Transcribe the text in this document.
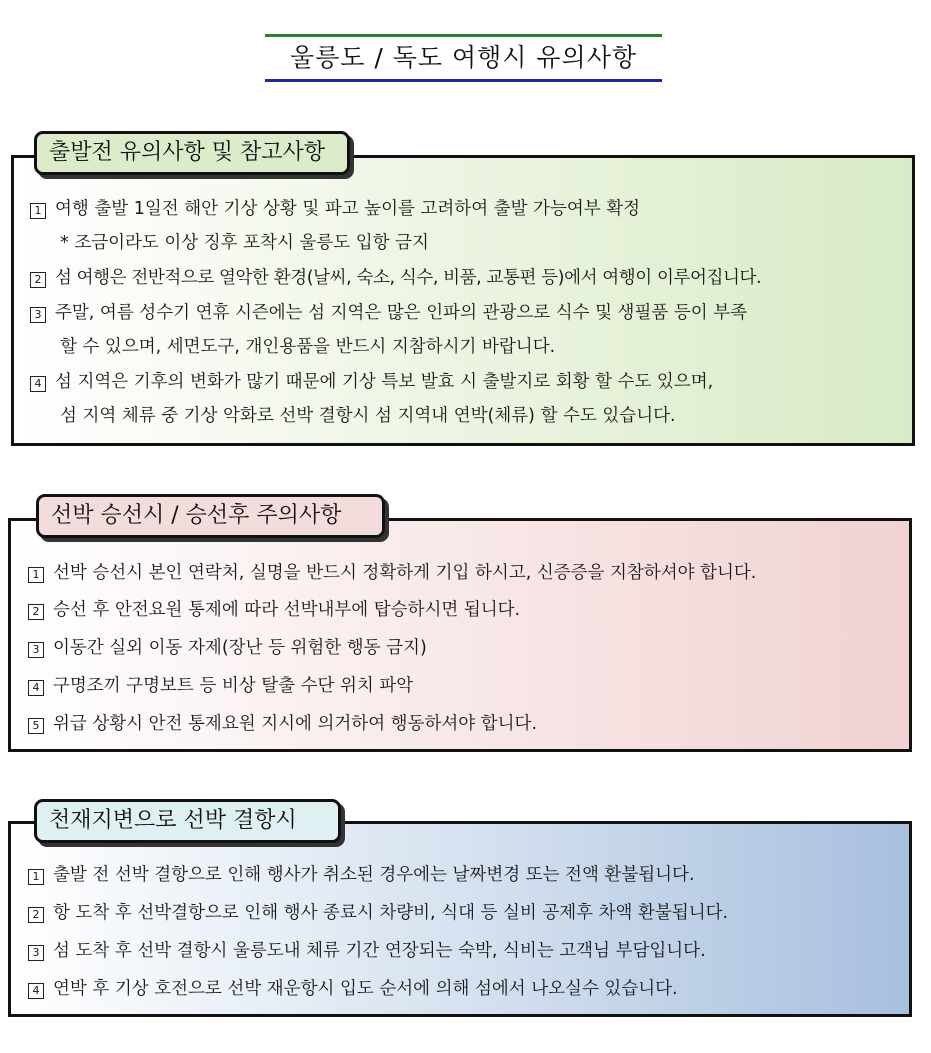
울릉도 / 독도 여행시 유의사항
출발전 유의사항 및 참고사항
1 여행 출발 1일전 해안 기상 상황 및 파고 높이를 고려하여 출발 가능여부 확정
* 조금이라도 이상 징후 포착시 울릉도 입항 금지
2 섬 여행은 전반적으로 열악한 환경(날씨, 숙소, 식수, 비품, 교통편 등)에서 여행이 이루어집니다.
3 주말, 여름 성수기 연휴 시즌에는 섬 지역은 많은 인파의 관광으로 식수 및 생필품 등이 부족
할 수 있으며, 세면도구, 개인용품을 반드시 지참하시기 바랍니다.
4 섬 지역은 기후의 변화가 많기 때문에 기상 특보 발효 시 출발지로 회황 할 수도 있으며,
섬 지역 체류 중 기상 악화로 선박 결항시 섬 지역내 연박(체류) 할 수도 있습니다.
선박 승선시 / 승선후 주의사항
1 선박 승선시 본인 연락처, 실명을 반드시 정확하게 기입 하시고, 신증증을 지참하셔야 합니다.
2 승선 후 안전요원 통제에 따라 선박내부에 탑승하시면 됩니다.
3 이동간 실외 이동 자제(장난 등 위험한 행동 금지)
4 구명조끼 구명보트 등 비상 탈출 수단 위치 파악
5 위급 상황시 안전 통제요원 지시에 의거하여 행동하셔야 합니다.
천재지변으로 선박 결항시
1 출발 전 선박 결항으로 인해 행사가 취소된 경우에는 날짜변경 또는 전액 환불됩니다.
2 항 도착 후 선박결항으로 인해 행사 종료시 차량비, 식대 등 실비 공제후 차액 환불됩니다.
3 섬 도착 후 선박 결항시 울릉도내 체류 기간 연장되는 숙박, 식비는 고객님 부담입니다.
4 연박 후 기상 호전으로 선박 재운항시 입도 순서에 의해 섬에서 나오실수 있습니다.
